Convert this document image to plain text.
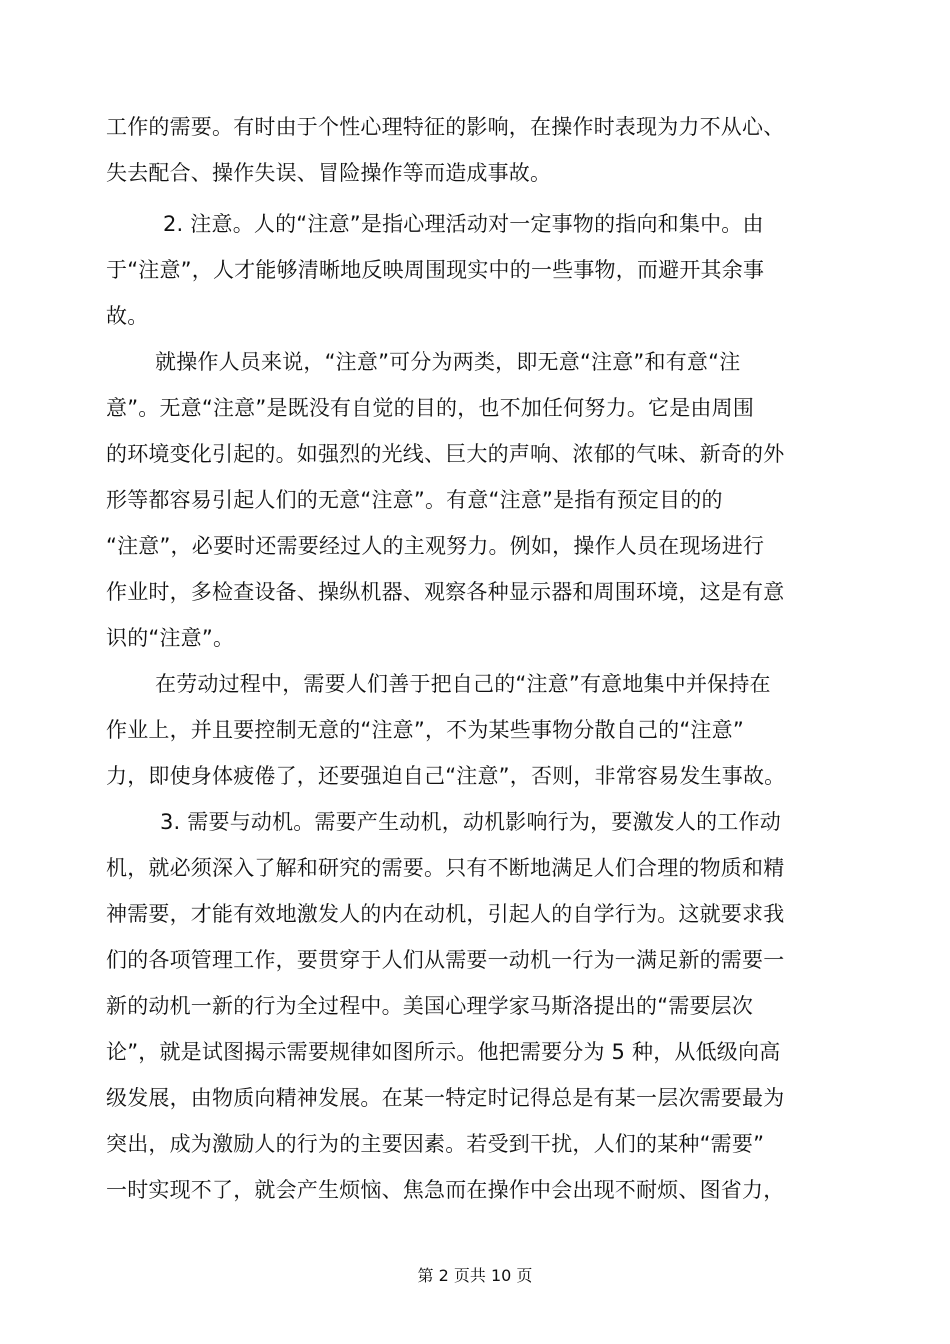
工作的需要。有时由于个性心理特征的影响，在操作时表现为力不从心、
失去配合、操作失误、冒险操作等而造成事故。
2. 注意。人的“注意”是指心理活动对一定事物的指向和集中。由
于“注意”，人才能够清晰地反映周围现实中的一些事物，而避开其余事
故。
就操作人员来说，“注意”可分为两类，即无意“注意”和有意“注
意”。无意“注意”是既没有自觉的目的，也不加任何努力。它是由周围
的环境变化引起的。如强烈的光线、巨大的声响、浓郁的气味、新奇的外
形等都容易引起人们的无意“注意”。有意“注意”是指有预定目的的
“注意”，必要时还需要经过人的主观努力。例如，操作人员在现场进行
作业时，多检查设备、操纵机器、观察各种显示器和周围环境，这是有意
识的“注意”。
在劳动过程中，需要人们善于把自己的“注意”有意地集中并保持在
作业上，并且要控制无意的“注意”，不为某些事物分散自己的“注意”
力，即使身体疲倦了，还要强迫自己“注意”，否则，非常容易发生事故。
3. 需要与动机。需要产生动机，动机影响行为，要激发人的工作动
机，就必须深入了解和研究的需要。只有不断地满足人们合理的物质和精
神需要，才能有效地激发人的内在动机，引起人的自学行为。这就要求我
们的各项管理工作，要贯穿于人们从需要一动机一行为一满足新的需要一
新的动机一新的行为全过程中。美国心理学家马斯洛提出的“需要层次
论”，就是试图揭示需要规律如图所示。他把需要分为 5 种，从低级向高
级发展，由物质向精神发展。在某一特定时记得总是有某一层次需要最为
突出，成为激励人的行为的主要因素。若受到干扰，人们的某种“需要”
一时实现不了，就会产生烦恼、焦急而在操作中会出现不耐烦、图省力，
第 2 页共 10 页
